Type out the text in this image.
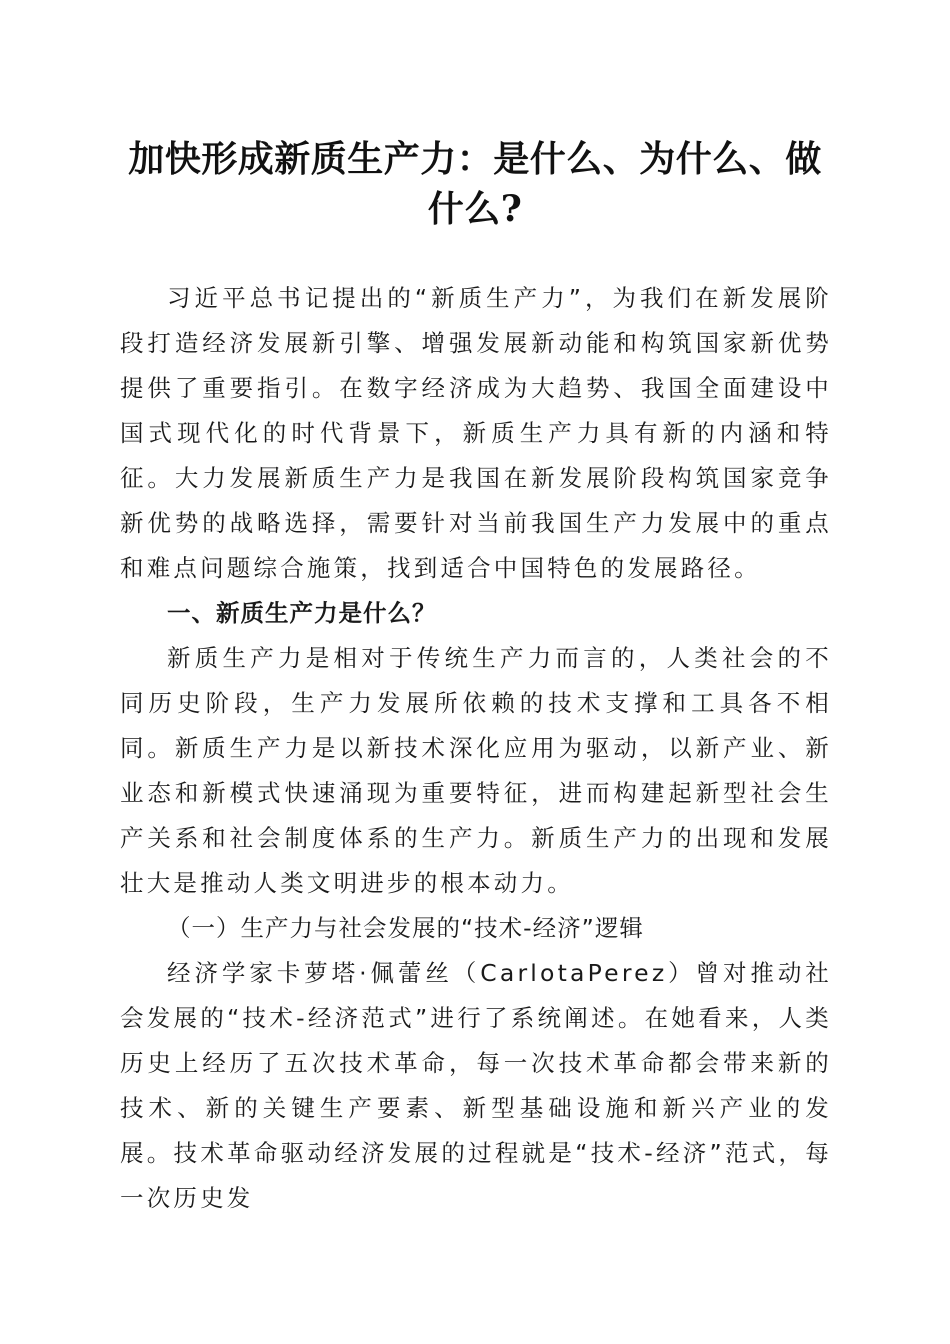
加快形成新质生产力：是什么、为什么、做什么?

习近平总书记提出的“新质生产力”，为我们在新发展阶段打造经济发展新引擎、增强发展新动能和构筑国家新优势提供了重要指引。在数字经济成为大趋势、我国全面建设中国式现代化的时代背景下，新质生产力具有新的内涵和特征。大力发展新质生产力是我国在新发展阶段构筑国家竞争新优势的战略选择，需要针对当前我国生产力发展中的重点和难点问题综合施策，找到适合中国特色的发展路径。

一、新质生产力是什么？

新质生产力是相对于传统生产力而言的，人类社会的不同历史阶段，生产力发展所依赖的技术支撑和工具各不相同。新质生产力是以新技术深化应用为驱动，以新产业、新业态和新模式快速涌现为重要特征，进而构建起新型社会生产关系和社会制度体系的生产力。新质生产力的出现和发展壮大是推动人类文明进步的根本动力。

（一）生产力与社会发展的“技术-经济”逻辑

经济学家卡萝塔·佩蕾丝（CarlotaPerez）曾对推动社会发展的“技术-经济范式”进行了系统阐述。在她看来，人类历史上经历了五次技术革命，每一次技术革命都会带来新的技术、新的关键生产要素、新型基础设施和新兴产业的发展。技术革命驱动经济发展的过程就是“技术-经济”范式，每一次历史发
